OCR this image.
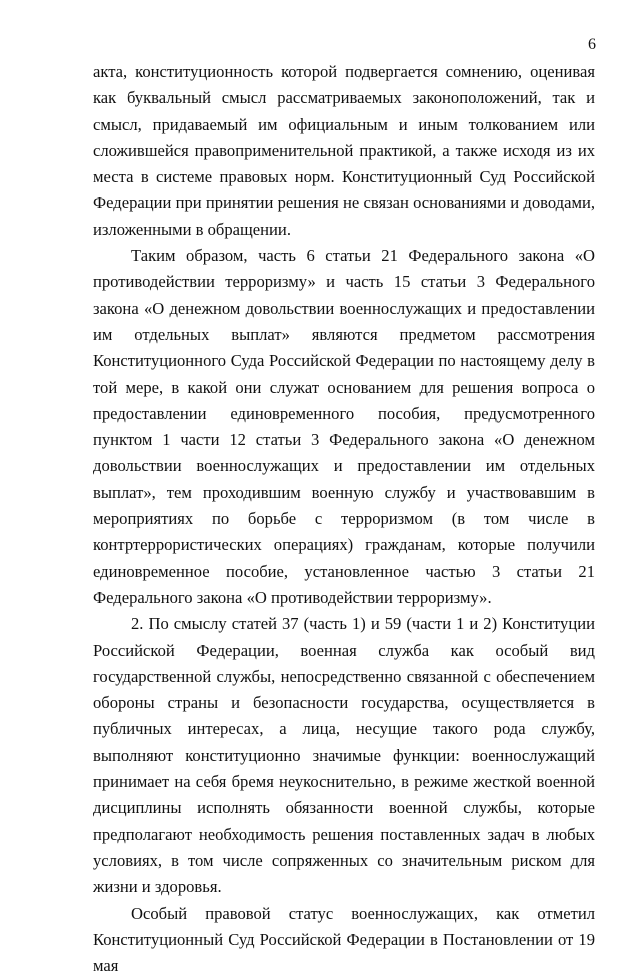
6

акта, конституционность которой подвергается сомнению, оценивая как буквальный смысл рассматриваемых законоположений, так и смысл, придаваемый им официальным и иным толкованием или сложившейся правоприменительной практикой, а также исходя из их места в системе правовых норм. Конституционный Суд Российской Федерации при принятии решения не связан основаниями и доводами, изложенными в обращении.

Таким образом, часть 6 статьи 21 Федерального закона «О противодействии терроризму» и часть 15 статьи 3 Федерального закона «О денежном довольствии военнослужащих и предоставлении им отдельных выплат» являются предметом рассмотрения Конституционного Суда Российской Федерации по настоящему делу в той мере, в какой они служат основанием для решения вопроса о предоставлении единовременного пособия, предусмотренного пунктом 1 части 12 статьи 3 Федерального закона «О денежном довольствии военнослужащих и предоставлении им отдельных выплат», тем проходившим военную службу и участвовавшим в мероприятиях по борьбе с терроризмом (в том числе в контртеррористических операциях) гражданам, которые получили единовременное пособие, установленное частью 3 статьи 21 Федерального закона «О противодействии терроризму».

2. По смыслу статей 37 (часть 1) и 59 (части 1 и 2) Конституции Российской Федерации, военная служба как особый вид государственной службы, непосредственно связанной с обеспечением обороны страны и безопасности государства, осуществляется в публичных интересах, а лица, несущие такого рода службу, выполняют конституционно значимые функции: военнослужащий принимает на себя бремя неукоснительно, в режиме жесткой военной дисциплины исполнять обязанности военной службы, которые предполагают необходимость решения поставленных задач в любых условиях, в том числе сопряженных со значительным риском для жизни и здоровья.

Особый правовой статус военнослужащих, как отметил Конституционный Суд Российской Федерации в Постановлении от 19 мая
